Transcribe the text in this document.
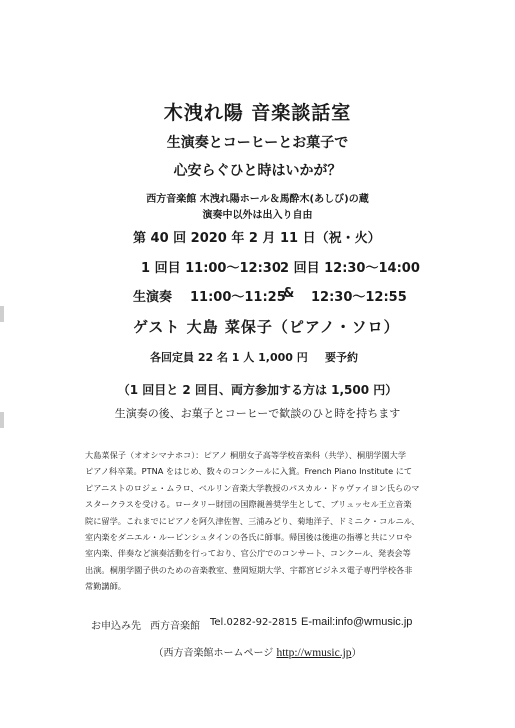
木洩れ陽 音楽談話室
生演奏とコーヒーとお菓子で
心安らぐひと時はいかが？
西方音楽館 木洩れ陽ホール＆馬酔木(あしび)の蔵
演奏中以外は出入り自由
第 40 回 2020 年 2 月 11 日（祝・火）
1 回目 11:00～12:30 2 回目 12:30～14:00
生演奏 11:00～11:25
& 12:30～12:55
ゲスト 大島 菜保子（ピアノ・ソロ）
各回定員 22 名 1 人 1,000 円 要予約
（1 回目と 2 回目、両方参加する方は 1,500 円）
生演奏の後、お菓子とコーヒーで歓談のひと時を持ちます
大島菜保子（オオシマナホコ）：ピアノ 桐朋女子高等学校音楽科（共学）、桐朋学園大学
ピアノ科卒業。PTNA をはじめ、数々のコンクールに入賞。French Piano Institute にて
ピアニストのロジェ・ムラロ、ベルリン音楽大学教授のパスカル・ドゥヴァイヨン氏らのマ
スタークラスを受ける。ロータリー財団の国際親善奨学生として、ブリュッセル王立音楽
院に留学。これまでにピアノを阿久津佐智、三浦みどり、菊地洋子、ドミニク・コルニル、
室内楽をダニエル・ルービンシュタインの各氏に師事。帰国後は後進の指導と共にソロや
室内楽、伴奏など演奏活動を行っており、官公庁でのコンサート、コンクール、発表会等
出演。桐朋学園子供のための音楽教室、豊岡短期大学、宇都宮ビジネス電子専門学校各非
常勤講師。
お申込み先 西方音楽館 Tel.0282-92-2815 E-mail:info@wmusic.jp
（西方音楽館ホームページ http://wmusic.jp）
